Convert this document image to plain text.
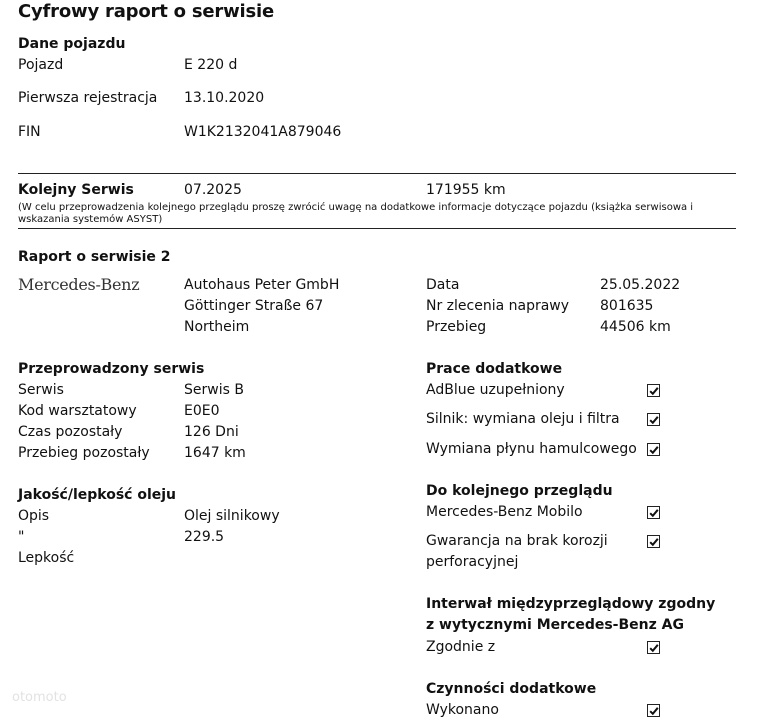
Cyfrowy raport o serwisie
Dane pojazdu
Pojazd	E 220 d
Pierwsza rejestracja 13.10.2020
FIN	W1K2132041A879046
Kolejny Serwis	07.2025	171955 km
(W celu przeprowadzenia kolejnego przeglądu proszę zwrócić uwagę na dodatkowe informacje dotyczące pojazdu (książka serwisowa i wskazania systemów ASYST)
Raport o serwisie 2
Mercedes-Benz	Autohaus Peter GmbH
Göttinger Straße 67
Northeim
Data	25.05.2022
Nr zlecenia naprawy 801635
Przebieg	44506 km
Przeprowadzony serwis
Serwis	Serwis B
Kod warsztatowy	E0E0
Czas pozostały	126 Dni
Przebieg pozostały 1647 km
Jakość/lepkość oleju
Opis	Olej silnikowy
"	229.5
Lepkość
Prace dodatkowe
AdBlue uzupełniony
Silnik: wymiana oleju i filtra
Wymiana płynu hamulcowego
Do kolejnego przeglądu
Mercedes-Benz Mobilo
Gwarancja na brak korozji perforacyjnej
Interwał międzyprzeglądowy zgodny z wytycznymi Mercedes-Benz AG
Zgodnie z
Czynności dodatkowe
Wykonano
otomoto
